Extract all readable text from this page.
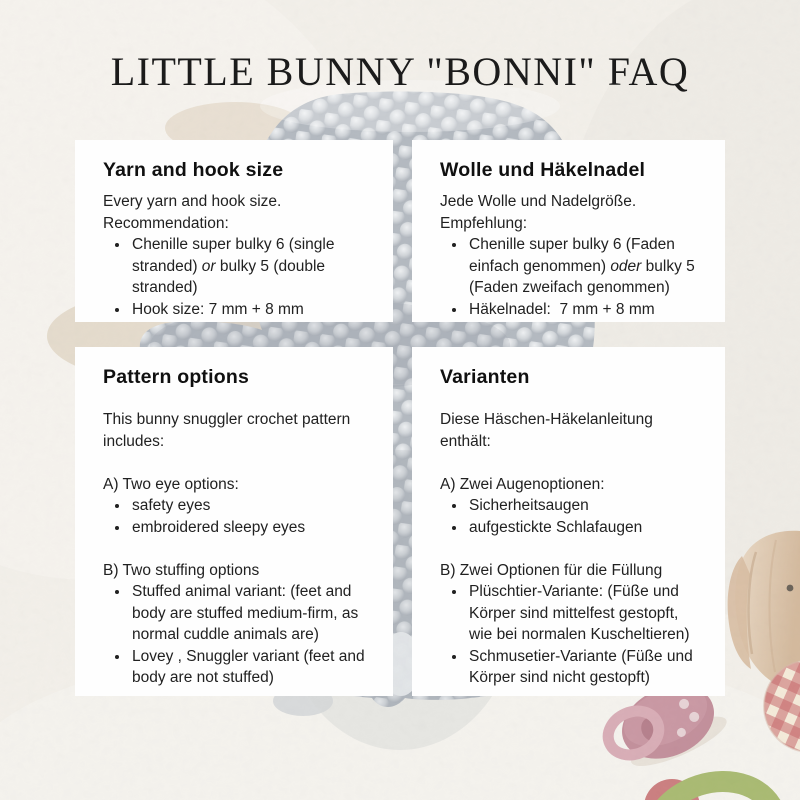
LITTLE BUNNY "BONNI" FAQ
Yarn and hook size

Every yarn and hook size.
Recommendation:

• Chenille super bulky 6 (single stranded) or bulky 5 (double stranded)
• Hook size: 7 mm + 8 mm
Wolle und Häkelnadel

Jede Wolle und Nadelgröße.
Empfehlung:

• Chenille super bulky 6 (Faden einfach genommen) oder bulky 5 (Faden zweifach genommen)
• Häkelnadel:  7 mm + 8 mm
Pattern options

This bunny snuggler crochet pattern includes:

A) Two eye options:

• safety eyes
• embroidered sleepy eyes

B) Two stuffing options

• Stuffed animal variant: (feet and body are stuffed medium-firm, as normal cuddle animals are)
• Lovey , Snuggler variant (feet and body are not stuffed)
Varianten

Diese Häschen-Häkelanleitung enthält:

A) Zwei Augenoptionen:

• Sicherheitsaugen
• aufgestickte Schlafaugen

B) Zwei Optionen für die Füllung

• Plüschtier-Variante: (Füße und Körper sind mittelfest gestopft, wie bei normalen Kuscheltieren)
• Schmusetier-Variante (Füße und Körper sind nicht gestopft)
